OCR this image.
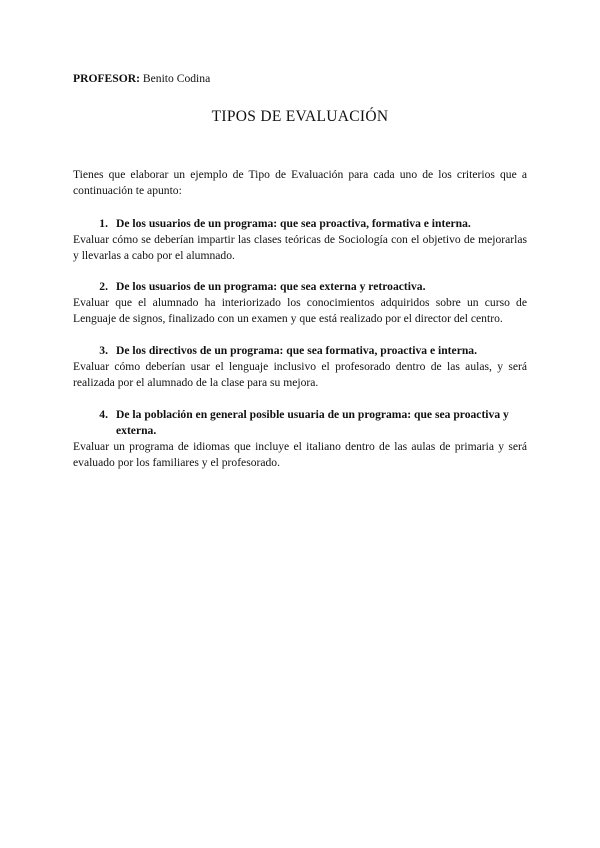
PROFESOR: Benito Codina
TIPOS DE EVALUACIÓN
Tienes que elaborar un ejemplo de Tipo de Evaluación para cada uno de los criterios que a continuación te apunto:
1. De los usuarios de un programa: que sea proactiva, formativa e interna.
Evaluar cómo se deberían impartir las clases teóricas de Sociología con el objetivo de mejorarlas y llevarlas a cabo por el alumnado.
2. De los usuarios de un programa: que sea externa y retroactiva.
Evaluar que el alumnado ha interiorizado los conocimientos adquiridos sobre un curso de Lenguaje de signos, finalizado con un examen y que está realizado por el director del centro.
3. De los directivos de un programa: que sea formativa, proactiva e interna.
Evaluar cómo deberían usar el lenguaje inclusivo el profesorado dentro de las aulas, y será realizada por el alumnado de la clase para su mejora.
4. De la población en general posible usuaria de un programa: que sea proactiva y externa.
Evaluar un programa de idiomas que incluye el italiano dentro de las aulas de primaria y será evaluado por los familiares y el profesorado.
